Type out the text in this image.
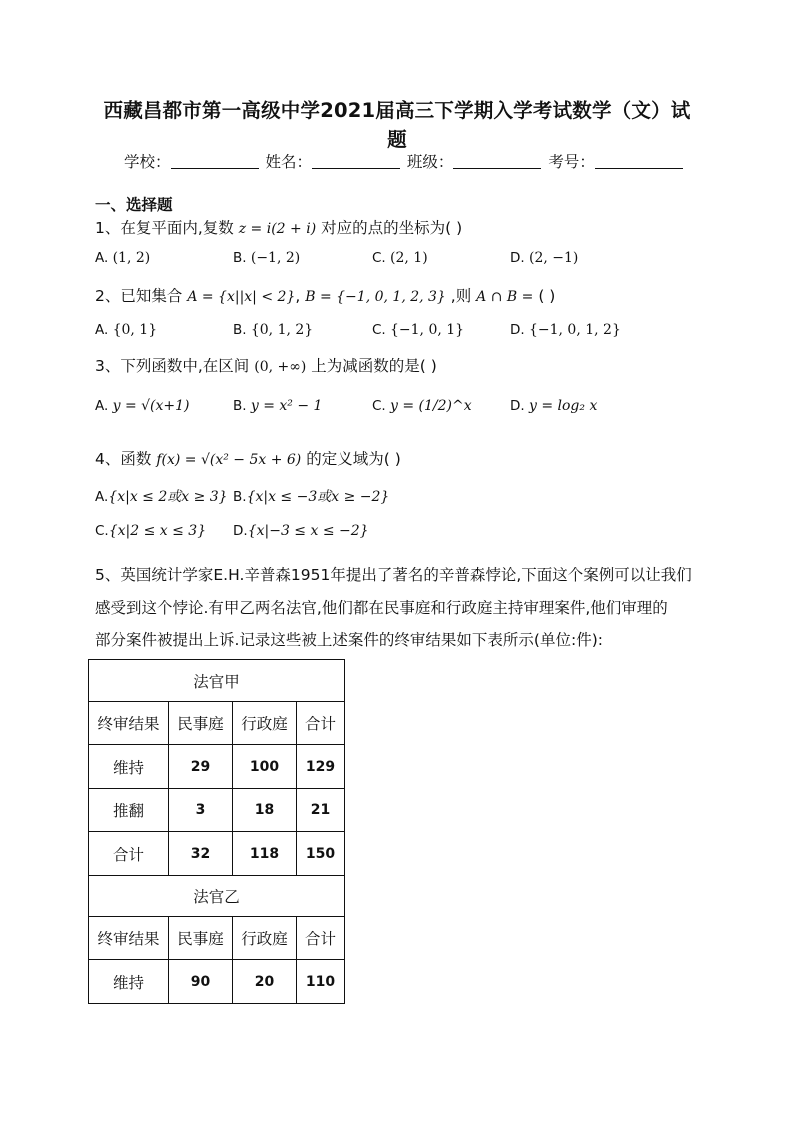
西藏昌都市第一高级中学2021届高三下学期入学考试数学（文）试
题
学校：	姓名：	班级：	考号：
一、选择题
1、在复平面内,复数 z = i(2 + i) 对应的点的坐标为( )
A. (1, 2)	B. (−1, 2)	C. (2, 1)	D. (2, −1)
2、已知集合 A = {x||x| < 2}, B = {−1, 0, 1, 2, 3} ,则 A ∩ B = ( )
A. {0, 1}	B. {0, 1, 2}	C. {−1, 0, 1}	D. {−1, 0, 1, 2}
3、下列函数中,在区间 (0, +∞) 上为减函数的是( )
A. y = √(x+1)	B. y = x² − 1	C. y = (1/2)^x	D. y = log₂ x
4、函数 f(x) = √(x² − 5x + 6) 的定义域为( )
A.{x|x ≤ 2或x ≥ 3} B.{x|x ≤ −3或x ≥ −2}
C.{x|2 ≤ x ≤ 3} D.{x|−3 ≤ x ≤ −2}
5、英国统计学家E.H.辛普森1951年提出了著名的辛普森悖论,下面这个案例可以让我们
感受到这个悖论.有甲乙两名法官,他们都在民事庭和行政庭主持审理案件,他们审理的
部分案件被提出上诉.记录这些被上述案件的终审结果如下表所示(单位:件):
法官甲			
终审结果	民事庭	行政庭	合计
维持	29	100	129
推翻	3	18	21
合计	32	118	150
法官乙			
终审结果	民事庭	行政庭	合计
维持	90	20	110
